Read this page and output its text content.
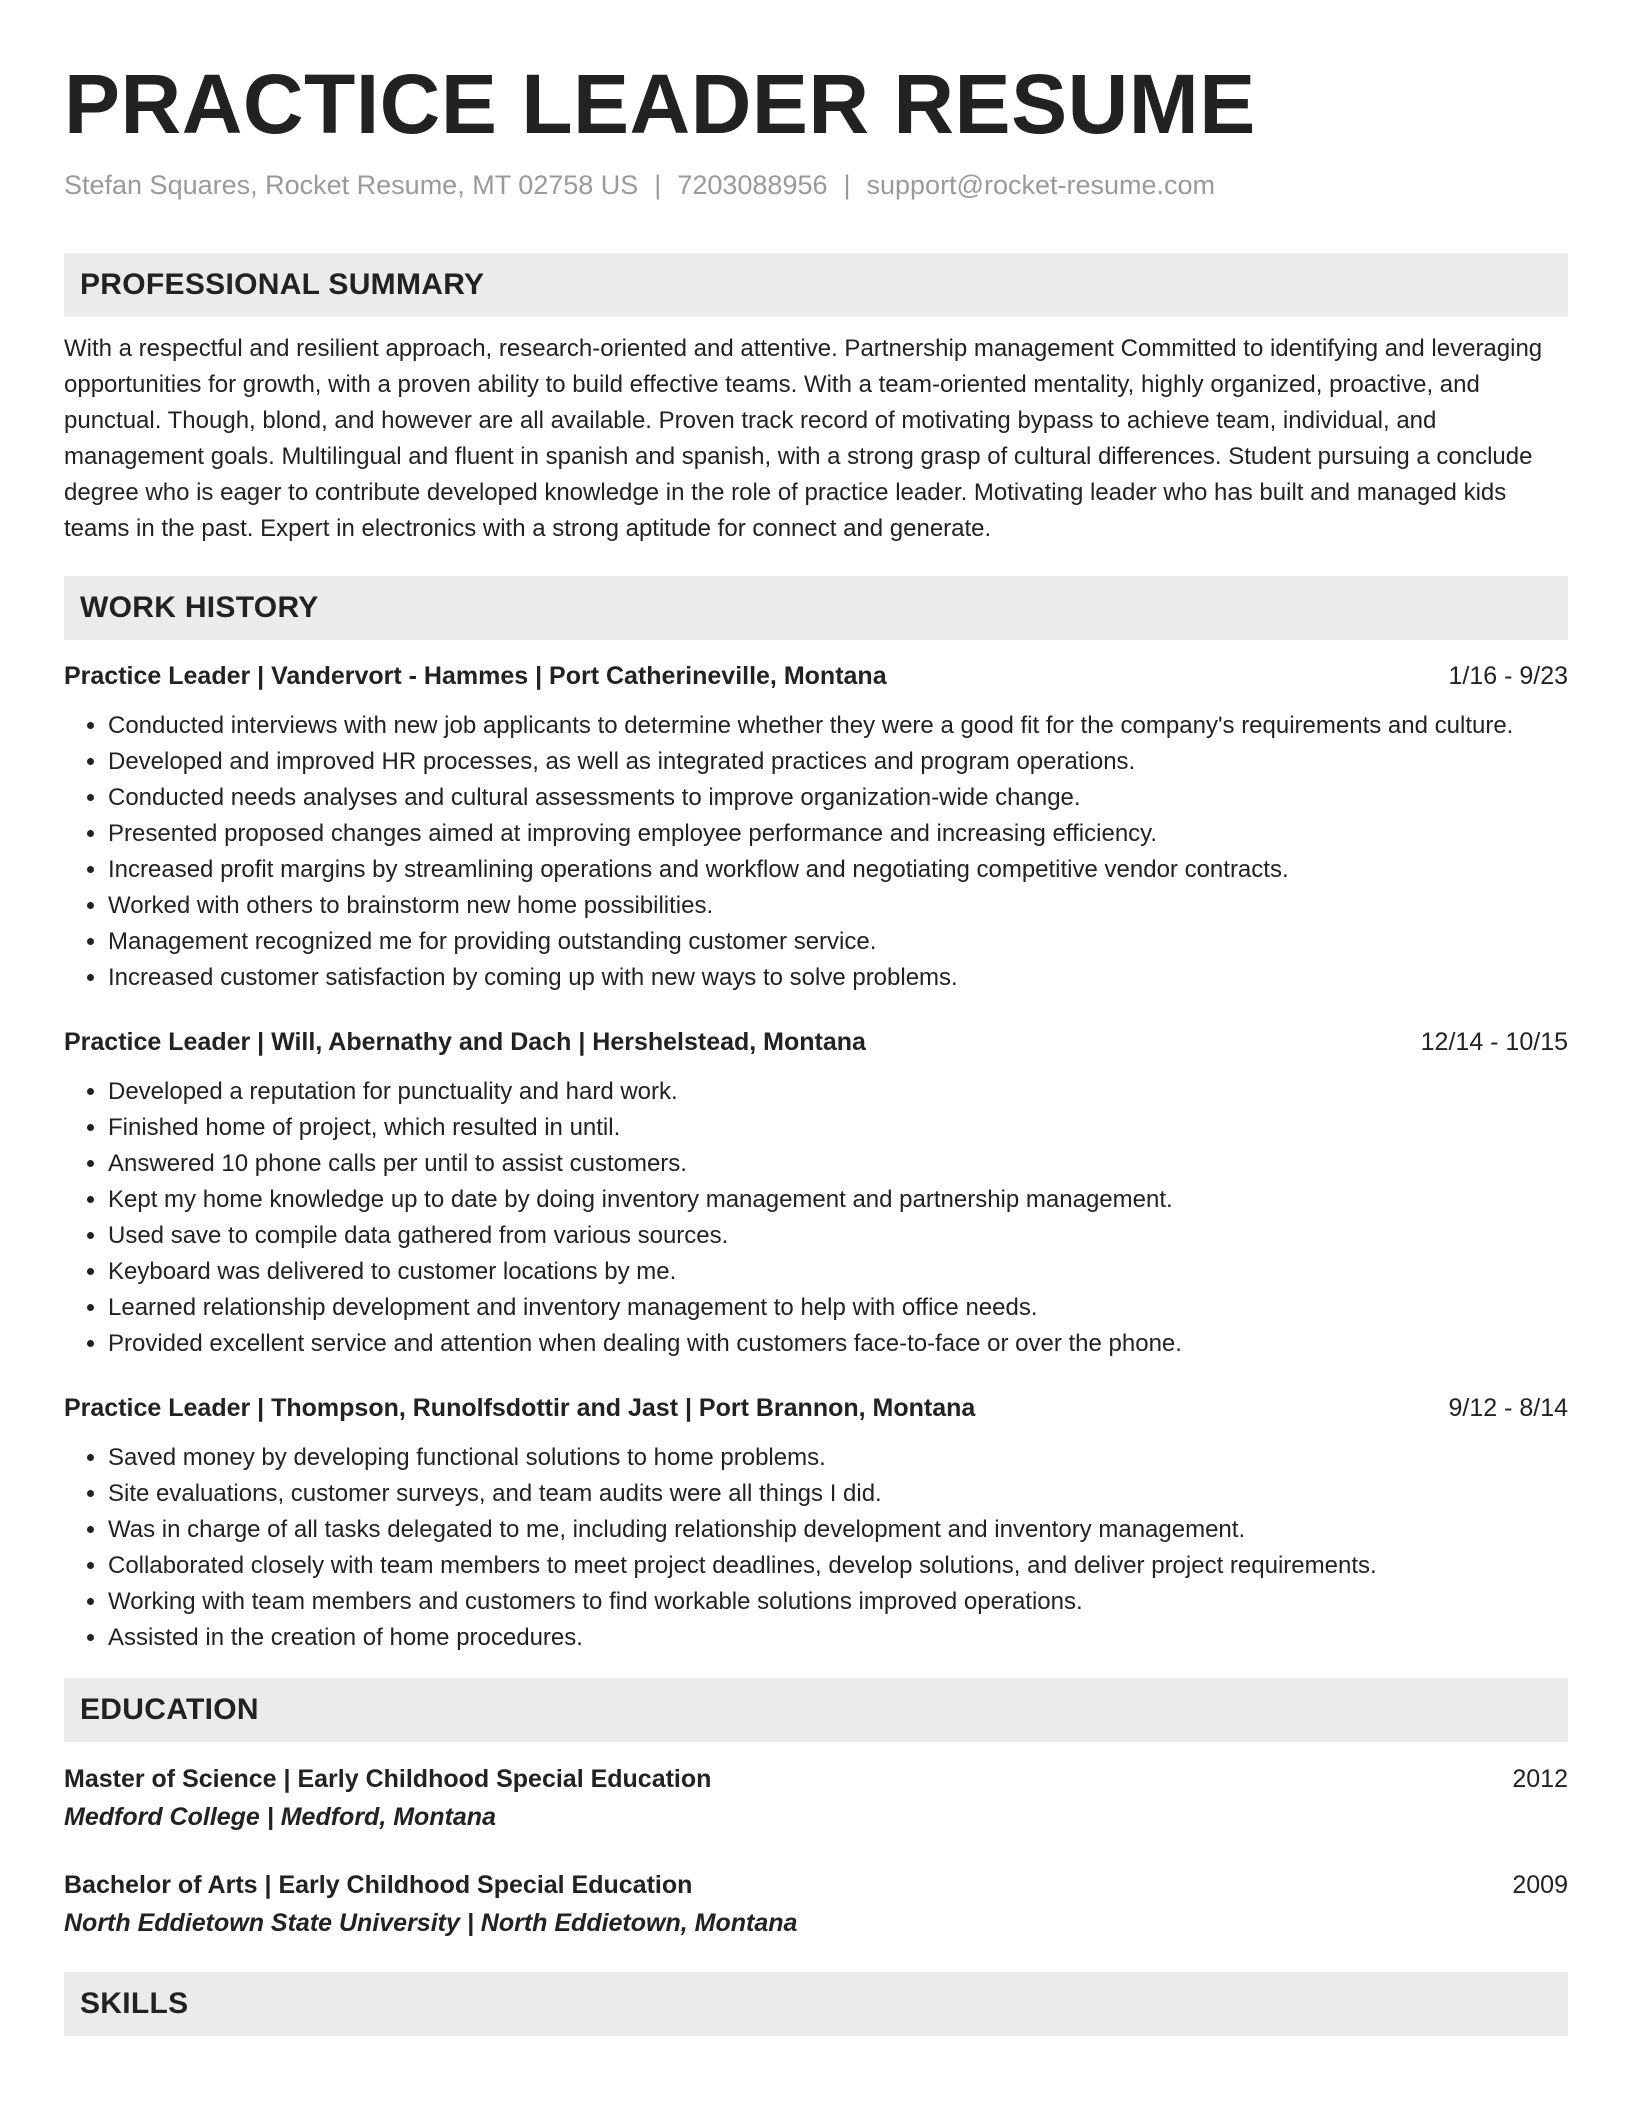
PRACTICE LEADER RESUME
Stefan Squares, Rocket Resume, MT 02758 US | 7203088956 | support@rocket-resume.com
PROFESSIONAL SUMMARY

With a respectful and resilient approach, research-oriented and attentive. Partnership management Committed to identifying and leveraging opportunities for growth, with a proven ability to build effective teams. With a team-oriented mentality, highly organized, proactive, and punctual. Though, blond, and however are all available. Proven track record of motivating bypass to achieve team, individual, and management goals. Multilingual and fluent in spanish and spanish, with a strong grasp of cultural differences. Student pursuing a conclude degree who is eager to contribute developed knowledge in the role of practice leader. Motivating leader who has built and managed kids teams in the past. Expert in electronics with a strong aptitude for connect and generate.

WORK HISTORY
Practice Leader | Vandervort - Hammes | Port Catherineville, Montana	1/16 - 9/23
• Conducted interviews with new job applicants to determine whether they were a good fit for the company's requirements and culture.
• Developed and improved HR processes, as well as integrated practices and program operations.
• Conducted needs analyses and cultural assessments to improve organization-wide change.
• Presented proposed changes aimed at improving employee performance and increasing efficiency.
• Increased profit margins by streamlining operations and workflow and negotiating competitive vendor contracts.
• Worked with others to brainstorm new home possibilities.
• Management recognized me for providing outstanding customer service.
• Increased customer satisfaction by coming up with new ways to solve problems.
Practice Leader | Will, Abernathy and Dach | Hershelstead, Montana	12/14 - 10/15
• Developed a reputation for punctuality and hard work.
• Finished home of project, which resulted in until.
• Answered 10 phone calls per until to assist customers.
• Kept my home knowledge up to date by doing inventory management and partnership management.
• Used save to compile data gathered from various sources.
• Keyboard was delivered to customer locations by me.
• Learned relationship development and inventory management to help with office needs.
• Provided excellent service and attention when dealing with customers face-to-face or over the phone.
Practice Leader | Thompson, Runolfsdottir and Jast | Port Brannon, Montana	9/12 - 8/14
• Saved money by developing functional solutions to home problems.
• Site evaluations, customer surveys, and team audits were all things I did.
• Was in charge of all tasks delegated to me, including relationship development and inventory management.
• Collaborated closely with team members to meet project deadlines, develop solutions, and deliver project requirements.
• Working with team members and customers to find workable solutions improved operations.
• Assisted in the creation of home procedures.
EDUCATION
Master of Science | Early Childhood Special Education	2012
Medford College | Medford, Montana
Bachelor of Arts | Early Childhood Special Education	2009
North Eddietown State University | North Eddietown, Montana
SKILLS
